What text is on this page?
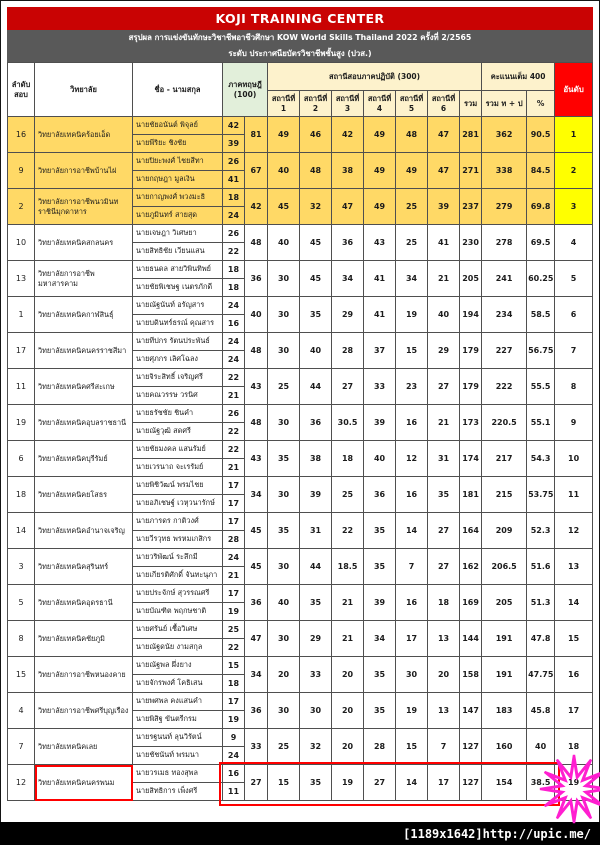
KOJI TRAINING CENTER
สรุปผล การแข่งขันทักษะวิชาชีพอาชีวศึกษา KOW World Skills Thailand 2022 ครั้งที่ 2/2565
ระดับ ประกาศนียบัตรวิชาชีพชั้นสูง (ปวส.)
ลำดับ
สอบ
	วิทยาลัย	ชื่อ - นามสกุล	
ภาคทฤษฎี
(100)
	สถานีสอบภาคปฏิบัติ (300)	คะแนนเต็ม 400	อันดับ
					สถานีที่ 1	สถานีที่ 2	สถานีที่ 3	สถานีที่ 4	สถานีที่ 5	สถานีที่ 6	รวม	รวม ท + ป	%	
16	วิทยาลัยเทคนิคร้อยเอ็ด	นายชัยอนันต์ พิจุลย์	42	81	49	46	42	49	48	47	281	362	90.5	1
		นายพีริยะ ชิงชัย	39											
9	วิทยาลัยการอาชีพบ้านไผ่	นายปิยะพงศ์ ไชยสีทา	26	67	40	48	38	49	49	47	271	338	84.5	2
		นายกฤษฎา มูลเงิน	41											
2	วิทยาลัยการอาชีพนวมินทราชินีมุกดาหาร	นายกาญพงศ์ พวงมะธิ	18	42	45	32	47	49	25	39	237	279	69.8	3
		นายภูมินทร์ สายสุด	24											
10	วิทยาลัยเทคนิคสกลนคร	นายเจษฎา วิเศษยา	26	48	40	45	36	43	25	41	230	278	69.5	4
		นายสิทธิชัย เวียนแสน	22											
13	วิทยาลัยการอาชีพมหาสารคาม	นายธนดล สายวิพินทิพย์	18	36	30	45	34	41	34	21	205	241	60.25	5
		นายชัยพิเชษฐ เนตรภักดี	18											
1	วิทยาลัยเทคนิคกาฬสินธุ์	นายณัฐนันท์ อรัญสาร	24	40	30	35	29	41	19	40	194	234	58.5	6
		นายบดินทร์ธรณ์ คุณสาร	16											
17	วิทยาลัยเทคนิคนครราชสีมา	นายทีปกร รัตนประพันธ์	24	48	30	40	28	37	15	29	179	227	56.75	7
		นายศุภกร เลิศโฉลง	24											
11	วิทยาลัยเทคนิคศรีสะเกษ	นายจิระสิทธิ์ เจริญศรี	22	43	25	44	27	33	23	27	179	222	55.5	8
		นายคณวรรษ วรนิศ	21											
19	วิทยาลัยเทคนิคอุบลราชธานี	นายธรัชชัย ชินคำ	26	48	30	36	30.5	39	16	21	173	220.5	55.1	9
		นายณัฐวุฒิ สดศรี	22											
6	วิทยาลัยเทคนิคบุรีรัมย์	นายชัยมงคล แสนรัมย์	22	43	35	38	18	40	12	31	174	217	54.3	10
		นายเวรนาถ จะเรรัมย์	21											
18	วิทยาลัยเทคนิคยโสธร	นายพิชิวัฒน์ พรมไชย	17	34	30	39	25	36	16	35	181	215	53.75	11
		นายอภิเชษฐ์ เวหุวนารักษ์	17											
14	วิทยาลัยเทคนิคอำนาจเจริญ	นายภารดร กาติวงศ์	17	45	35	31	22	35	14	27	164	209	52.3	12
		นายวีรวุทธ พรหมเกสิกร	28											
3	วิทยาลัยเทคนิคสุรินทร์	นายวริพัฒน์ ระลึกมี	24	45	30	44	18.5	35	7	27	162	206.5	51.6	13
		นายเกียรติศักดิ์ จันทะนุภา	21											
5	วิทยาลัยเทคนิคอุดรธานี	นายประจักษ์ สุวรรณศรี	17	36	40	35	21	39	16	18	169	205	51.3	14
		นายบัณฑิต พฤกษชาติ	19											
8	วิทยาลัยเทคนิคชัยภูมิ	นายศรันย์ เชื้อวิเศษ	25	47	30	29	21	34	17	13	144	191	47.8	15
		นายณัฐดนัย งามสกุล	22											
15	วิทยาลัยการอาชีพหนองคาย	นายณัฐพล ผึ่งยาง	15	34	20	33	20	35	30	20	158	191	47.75	16
		นายจักรพงศ์ โคธิเสน	18											
4	วิทยาลัยการอาชีพศรีบุญเรือง	นายพศพล คงแสนคำ	17	36	30	30	20	35	19	13	147	183	45.8	17
		นายพิสิฐ ขันตรีกรม	19											
7	วิทยาลัยเทคนิคเลย	นายรฐนนท์ ลุนวิรัตน์	9	33	25	32	20	28	15	7	127	160	40	18
		นายชัชนันท์ พรมนา	24											
12	วิทยาลัยเทคนิคนครพนม	นายวรเมธ ทองสุพล	16	27	15	35	19	27	14	17	127	154	38.5	19
		นายสิทธิการ เพ็งศรี	11											
[1189x1642]http://upic.me/
